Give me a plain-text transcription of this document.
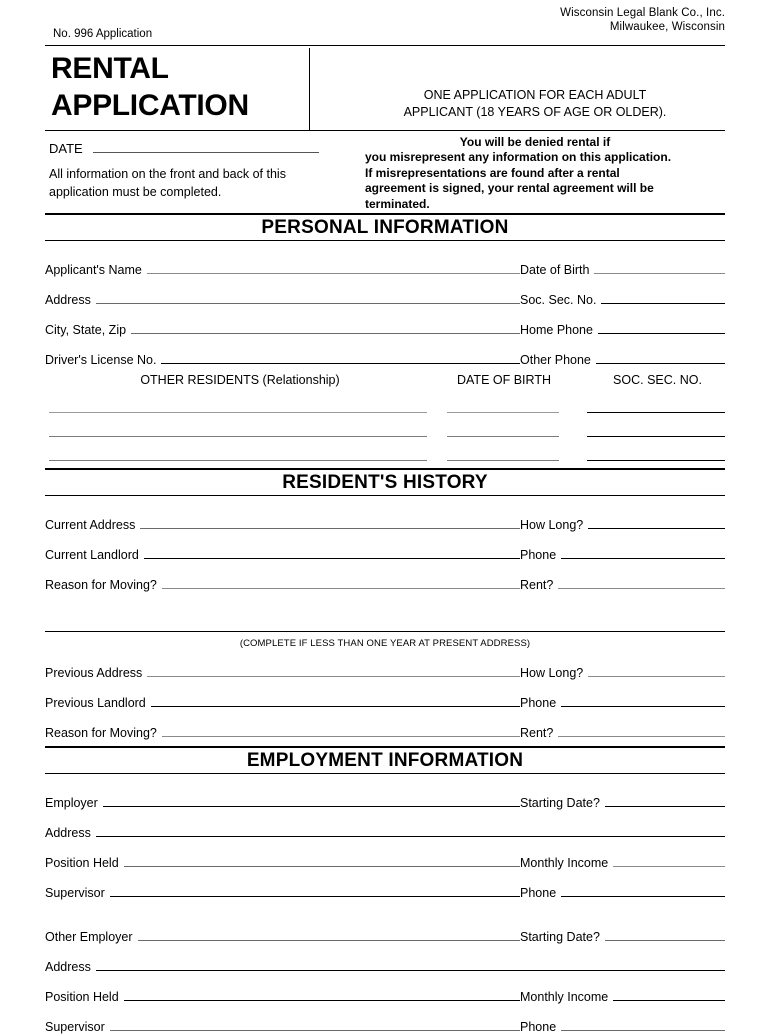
Wisconsin Legal Blank Co., Inc.
Milwaukee, Wisconsin
No. 996 Application
RENTAL
APPLICATION	ONE APPLICATION FOR EACH ADULT
APPLICANT (18 YEARS OF AGE OR OLDER).
DATE
All information on the front and back of this
application must be completed.
You will be denied rental if
you misrepresent any information on this application.
If misrepresentations are found after a rental
agreement is signed, your rental agreement will be
terminated.
PERSONAL INFORMATION
Applicant's Name	Date of Birth
Address	Soc. Sec. No.
City, State, Zip	Home Phone
Driver's License No.	Other Phone
OTHER RESIDENTS (Relationship)	DATE OF BIRTH	SOC. SEC. NO.
RESIDENT'S HISTORY
Current Address	How Long?
Current Landlord	Phone
Reason for Moving?	Rent?
(COMPLETE IF LESS THAN ONE YEAR AT PRESENT ADDRESS)
Previous Address	How Long?
Previous Landlord	Phone
Reason for Moving?	Rent?
EMPLOYMENT INFORMATION
Employer	Starting Date?
Address
Position Held	Monthly Income
Supervisor	Phone
Other Employer	Starting Date?
Address
Position Held	Monthly Income
Supervisor	Phone
